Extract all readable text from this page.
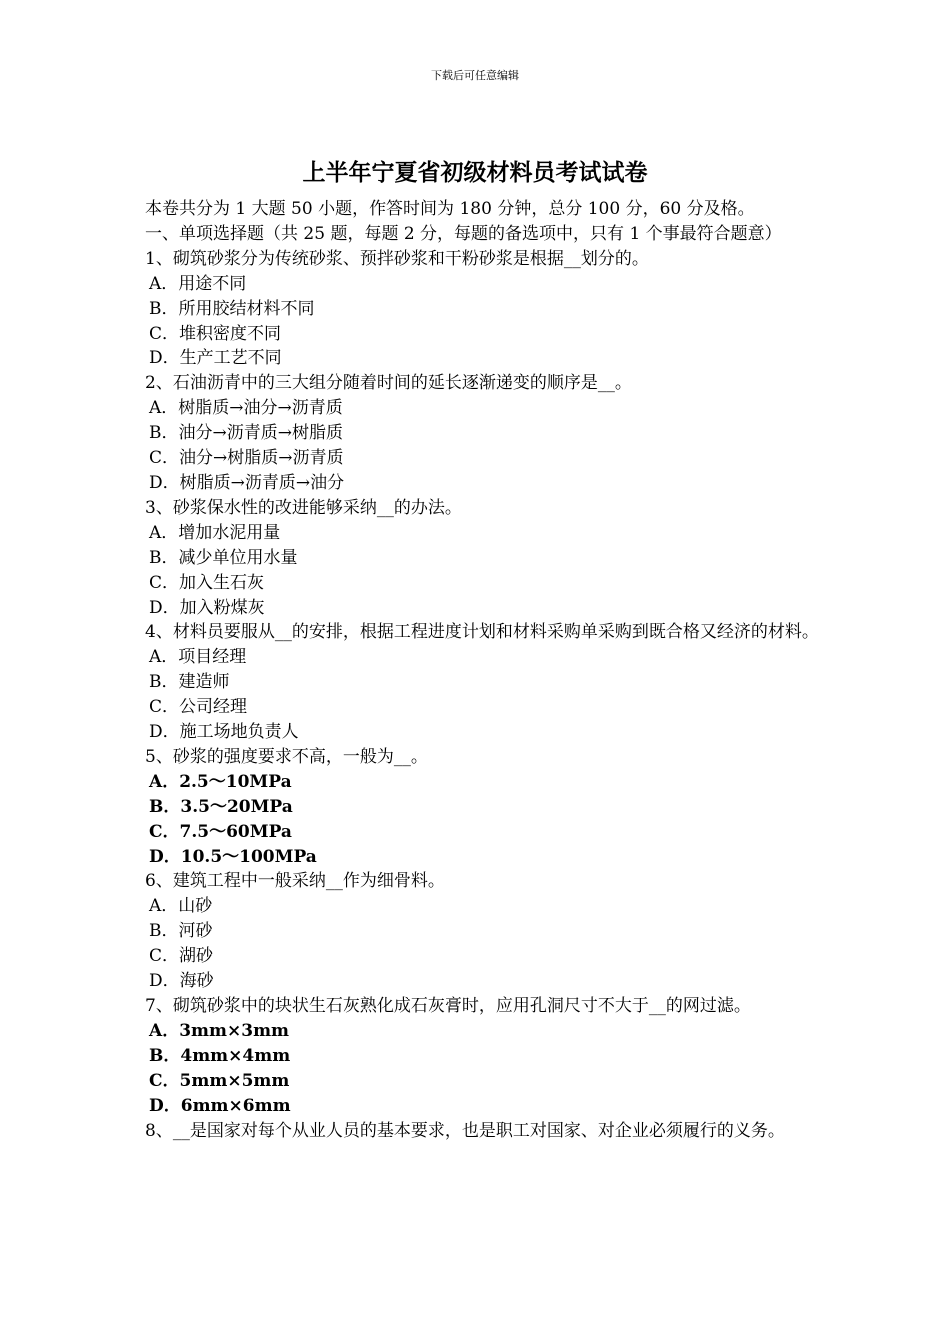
下载后可任意编辑
上半年宁夏省初级材料员考试试卷
本卷共分为 1 大题 50 小题，作答时间为 180 分钟，总分 100 分，60 分及格。
一、单项选择题（共 25 题，每题 2 分，每题的备选项中，只有 1 个事最符合题意）
1、砌筑砂浆分为传统砂浆、预拌砂浆和干粉砂浆是根据__划分的。
A．用途不同
B．所用胶结材料不同
C．堆积密度不同
D．生产工艺不同
2、石油沥青中的三大组分随着时间的延长逐渐递变的顺序是__。
A．树脂质→油分→沥青质
B．油分→沥青质→树脂质
C．油分→树脂质→沥青质
D．树脂质→沥青质→油分
3、砂浆保水性的改进能够采纳__的办法。
A．增加水泥用量
B．减少单位用水量
C．加入生石灰
D．加入粉煤灰
4、材料员要服从__的安排，根据工程进度计划和材料采购单采购到既合格又经济的材料。
A．项目经理
B．建造师
C．公司经理
D．施工场地负责人
5、砂浆的强度要求不高，一般为__。
A．2.5～10MPa
B．3.5～20MPa
C．7.5～60MPa
D．10.5～100MPa
6、建筑工程中一般采纳__作为细骨料。
A．山砂
B．河砂
C．湖砂
D．海砂
7、砌筑砂浆中的块状生石灰熟化成石灰膏时，应用孔洞尺寸不大于__的网过滤。
A．3mm×3mm
B．4mm×4mm
C．5mm×5mm
D．6mm×6mm
8、__是国家对每个从业人员的基本要求，也是职工对国家、对企业必须履行的义务。
